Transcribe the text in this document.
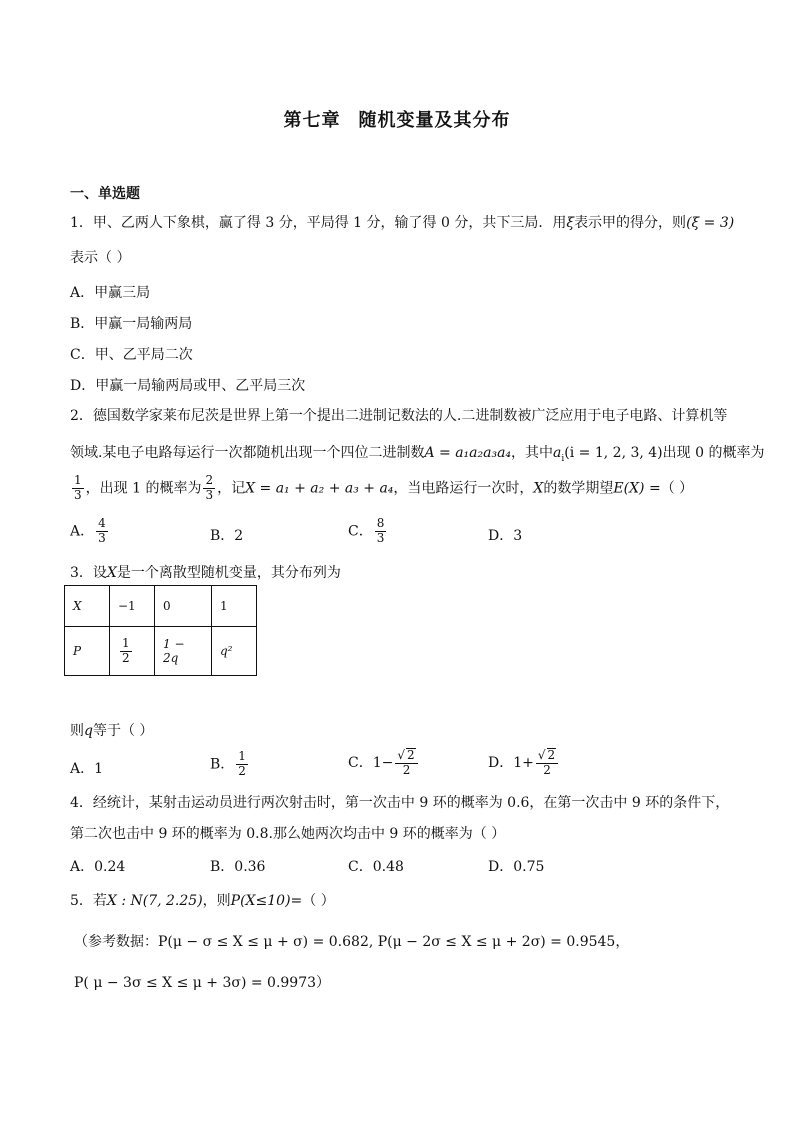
第七章 随机变量及其分布
一、单选题
1．甲、乙两人下象棋，赢了得 3 分，平局得 1 分，输了得 0 分，共下三局．用ξ表示甲的得分，则(ξ = 3)
表示（ ）
A．甲赢三局
B．甲赢一局输两局
C．甲、乙平局二次
D．甲赢一局输两局或甲、乙平局三次
2．德国数学家莱布尼茨是世界上第一个提出二进制记数法的人.二进制数被广泛应用于电子电路、计算机等
领域.某电子电路每运行一次都随机出现一个四位二进制数A = a₁a₂a₃a₄，其中$a_i(i = 1$, 2, 3, 4)出现 0 的概率为
$\frac{1}{3}$ ，出现 1 的概率为 $\frac{2}{3}$ ，记X = a₁ + a₂ + a₃ + a₄，当电路运行一次时，X的数学期望E(X) =（ ）
A． $\frac{4}{3}$	B．2	C． $\frac{8}{3}$	D．3
3．设X是一个离散型随机变量，其分布列为
X	−1	0	1
P	$\frac{1}{2}$	1 − 2q	q²
则q等于（ ）
A．1	B． $\frac{1}{2}$	C．$1- \frac{√ 2}{2}$	D．$1+ \frac{√ 2}{2}$
4．经统计，某射击运动员进行两次射击时，第一次击中 9 环的概率为 0.6，在第一次击中 9 环的条件下，
第二次也击中 9 环的概率为 0.8.那么她两次均击中 9 环的概率为（ ）
A．0.24	B．0.36	C．0.48	D．0.75
5．若X : N(7, 2.25)，则P(X≤10)=（ ）
（参考数据：P(μ − σ ≤ X ≤ μ + σ) = 0.682, P(μ − 2σ ≤ X ≤ μ + 2σ) = 0.9545，
P( μ − 3σ ≤ X ≤ μ + 3σ) = 0.9973）
